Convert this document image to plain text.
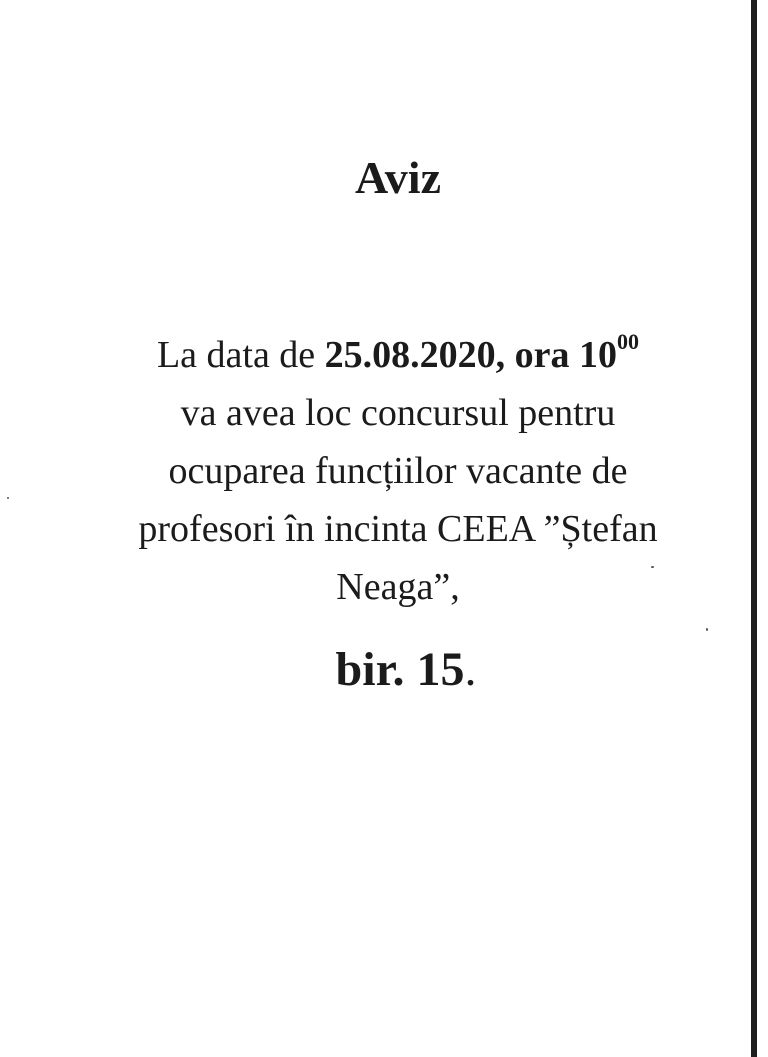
Aviz
La data de 25.08.2020, ora $10^{00}$
va avea loc concursul pentru
ocuparea funcțiilor vacante de
profesori în incinta CEEA ”Ștefan
Neaga”,
bir. 15.
